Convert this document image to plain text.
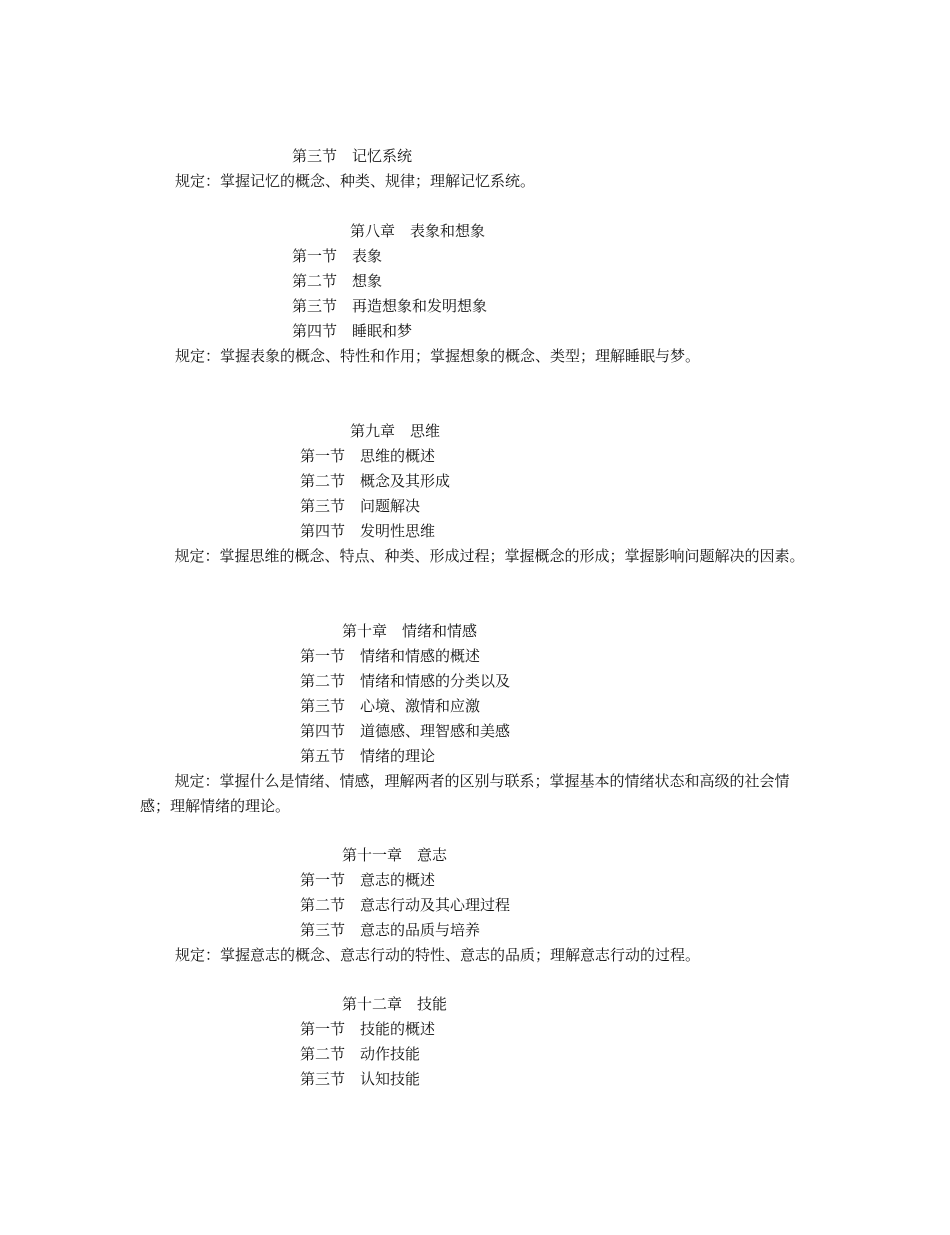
第三节 记忆系统
规定：掌握记忆的概念、种类、规律；理解记忆系统。
第八章 表象和想象
第一节 表象
第二节 想象
第三节 再造想象和发明想象
第四节 睡眠和梦
规定：掌握表象的概念、特性和作用；掌握想象的概念、类型；理解睡眠与梦。
第九章 思维
第一节 思维的概述
第二节 概念及其形成
第三节 问题解决
第四节 发明性思维
规定：掌握思维的概念、特点、种类、形成过程；掌握概念的形成；掌握影响问题解决的因素。
第十章 情绪和情感
第一节 情绪和情感的概述
第二节 情绪和情感的分类以及
第三节 心境、激情和应激
第四节 道德感、理智感和美感
第五节 情绪的理论
规定：掌握什么是情绪、情感，理解两者的区别与联系；掌握基本的情绪状态和高级的社会情感；理解情绪的理论。
第十一章 意志
第一节 意志的概述
第二节 意志行动及其心理过程
第三节 意志的品质与培养
规定：掌握意志的概念、意志行动的特性、意志的品质；理解意志行动的过程。
第十二章 技能
第一节 技能的概述
第二节 动作技能
第三节 认知技能
